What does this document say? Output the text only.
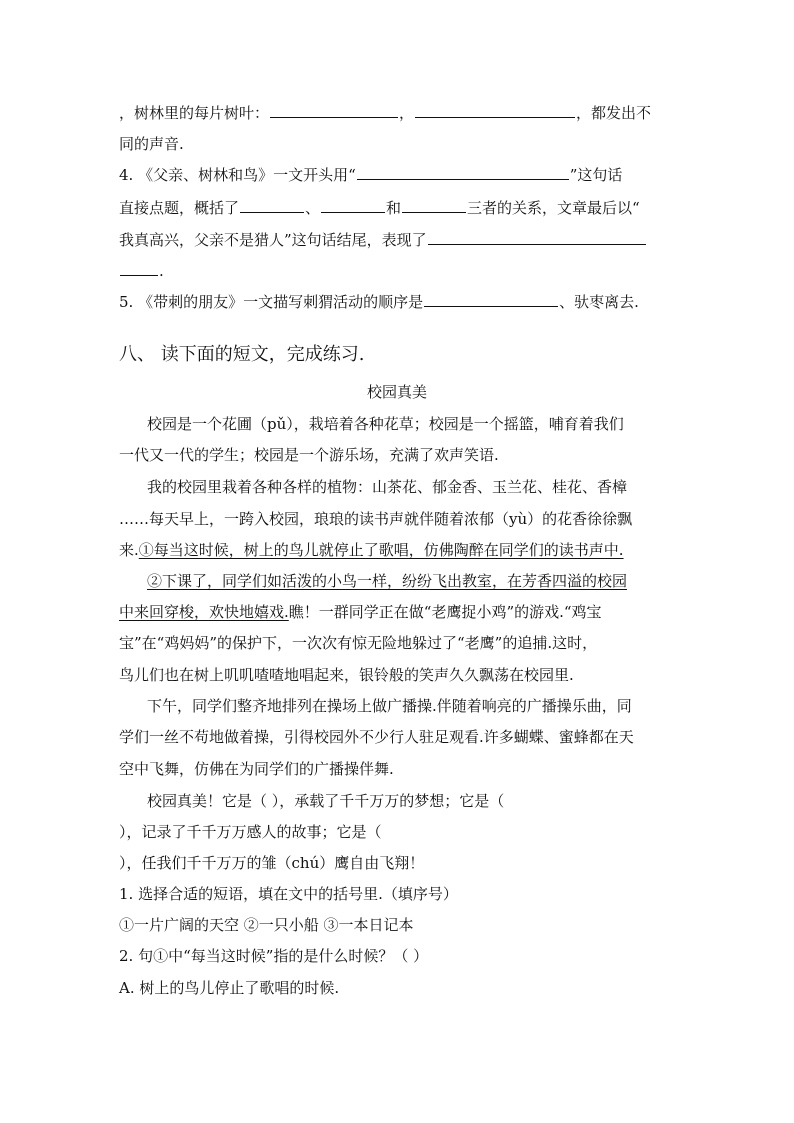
，树林里的每片树叶：	，	，都发出不
同的声音.
4. 《父亲、树林和鸟》一文开头用“	”这句话
直接点题，概括了	、	和	三者的关系，文章最后以“
我真高兴，父亲不是猎人”这句话结尾，表现了
.
5. 《带刺的朋友》一文描写刺猬活动的顺序是	、驮枣离去.
八、 读下面的短文，完成练习.
校园真美
校园是一个花圃（pǔ），栽培着各种花草；校园是一个摇篮，哺育着我们
一代又一代的学生；校园是一个游乐场，充满了欢声笑语.
我的校园里栽着各种各样的植物：山茶花、郁金香、玉兰花、桂花、香樟
……每天早上，一跨入校园，琅琅的读书声就伴随着浓郁（yù）的花香徐徐飘
来.①每当这时候，树上的鸟儿就停止了歌唱，仿佛陶醉在同学们的读书声中.
②下课了，同学们如活泼的小鸟一样，纷纷飞出教室，在芳香四溢的校园
中来回穿梭，欢快地嬉戏.瞧！一群同学正在做“老鹰捉小鸡”的游戏.“鸡宝
宝”在“鸡妈妈”的保护下，一次次有惊无险地躲过了“老鹰”的追捕.这时，
鸟儿们也在树上叽叽喳喳地唱起来，银铃般的笑声久久飘荡在校园里.
下午，同学们整齐地排列在操场上做广播操.伴随着响亮的广播操乐曲，同
学们一丝不苟地做着操，引得校园外不少行人驻足观看.许多蝴蝶、蜜蜂都在天
空中飞舞，仿佛在为同学们的广播操伴舞.
校园真美！它是（ ），承载了千千万万的梦想；它是（
），记录了千千万万感人的故事；它是（
），任我们千千万万的雏（chú）鹰自由飞翔！
1. 选择合适的短语，填在文中的括号里.（填序号）
①一片广阔的天空 ②一只小船 ③一本日记本
2. 句①中“每当这时候”指的是什么时候？（ ）
A. 树上的鸟儿停止了歌唱的时候.
